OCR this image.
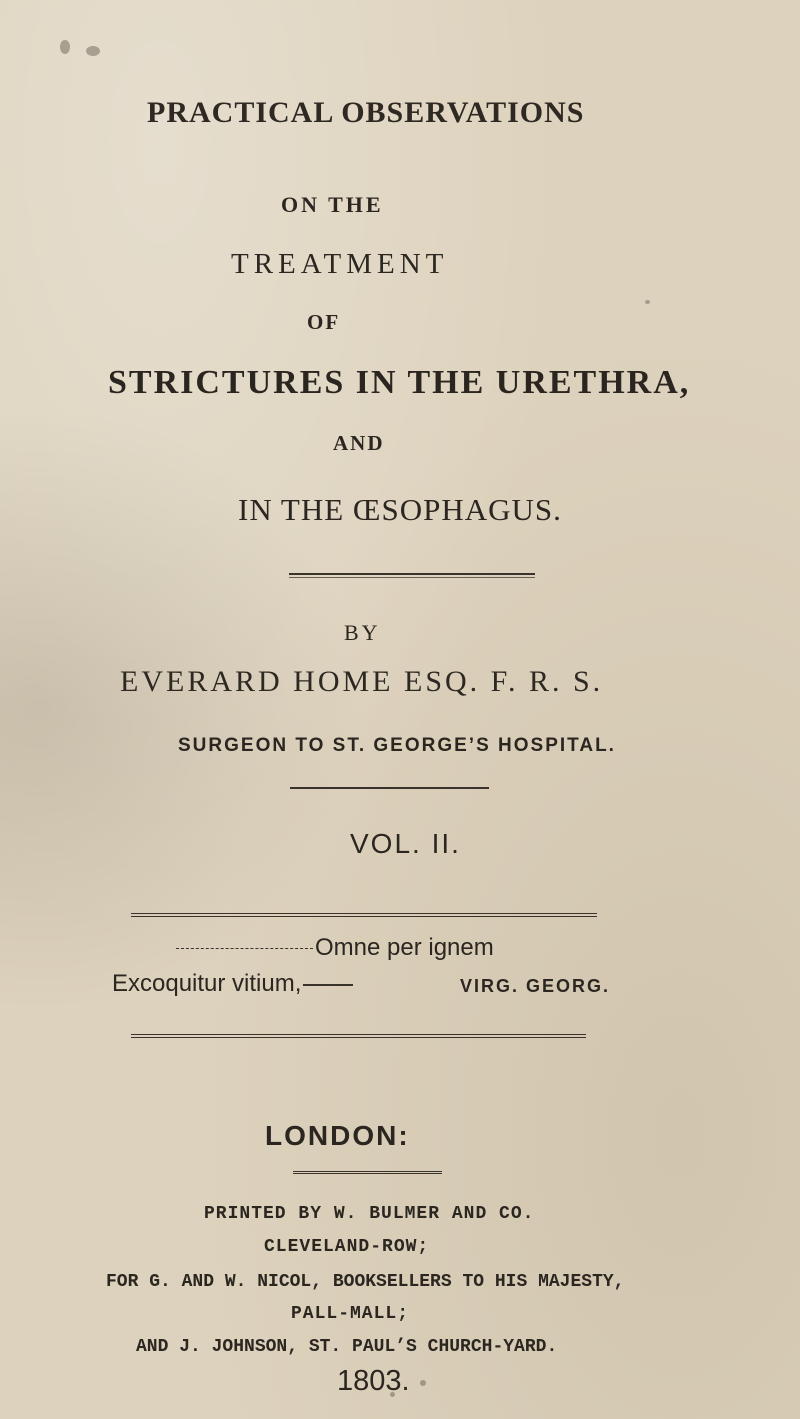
PRACTICAL OBSERVATIONS
ON THE
TREATMENT
OF
STRICTURES IN THE URETHRA,
AND
IN THE ŒSOPHAGUS.
BY
EVERARD HOME ESQ. F. R. S.
SURGEON TO ST. GEORGE’S HOSPITAL.
VOL. II.
Omne per ignem
Excoquitur vitium,	VIRG. GEORG.
LONDON:
PRINTED BY W. BULMER AND CO.
CLEVELAND-ROW;
FOR G. AND W. NICOL, BOOKSELLERS TO HIS MAJESTY,
PALL-MALL;
AND J. JOHNSON, ST. PAUL’S CHURCH-YARD.
1803.
